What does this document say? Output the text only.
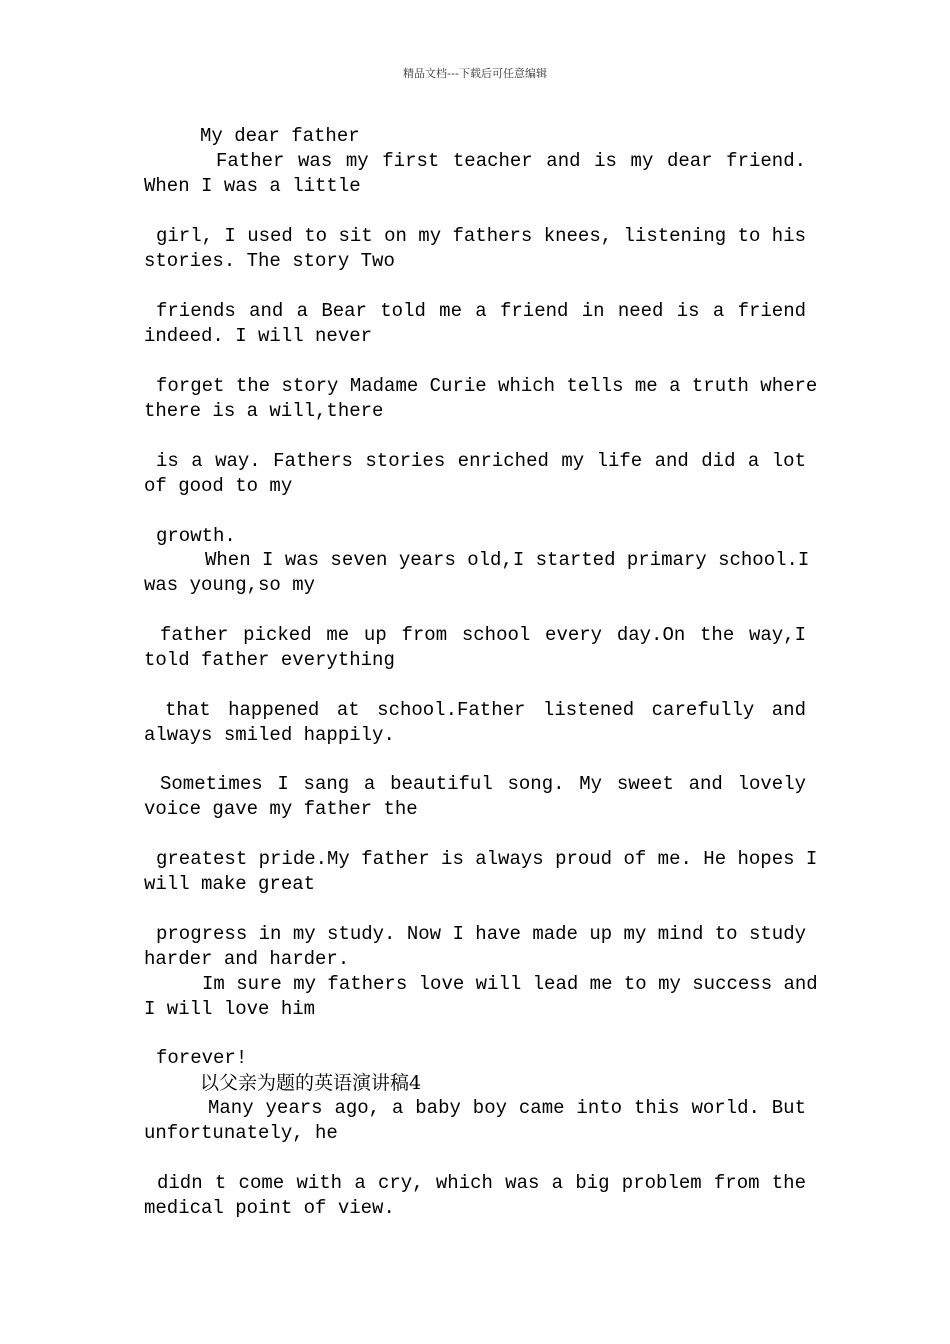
精品文档---下载后可任意编辑
My dear father
Father was my first teacher and is my dear friend.
When I was a little
girl, I used to sit on my fathers knees, listening to his
stories. The story Two
friends and a Bear told me a friend in need is a friend
indeed. I will never
forget the story Madame Curie which tells me a truth where
there is a will,there
is a way. Fathers stories enriched my life and did a lot
of good to my
growth.
When I was seven years old,I started primary school.I
was young,so my
father picked me up from school every day.On the way,I
told father everything
that happened at school.Father listened carefully and
always smiled happily.
Sometimes I sang a beautiful song. My sweet and lovely
voice gave my father the
greatest pride.My father is always proud of me. He hopes I
will make great
progress in my study. Now I have made up my mind to study
harder and harder.
Im sure my fathers love will lead me to my success and
I will love him
forever!
以父亲为题的英语演讲稿4
Many years ago, a baby boy came into this world. But
unfortunately, he
didn t come with a cry, which was a big problem from the
medical point of view.
